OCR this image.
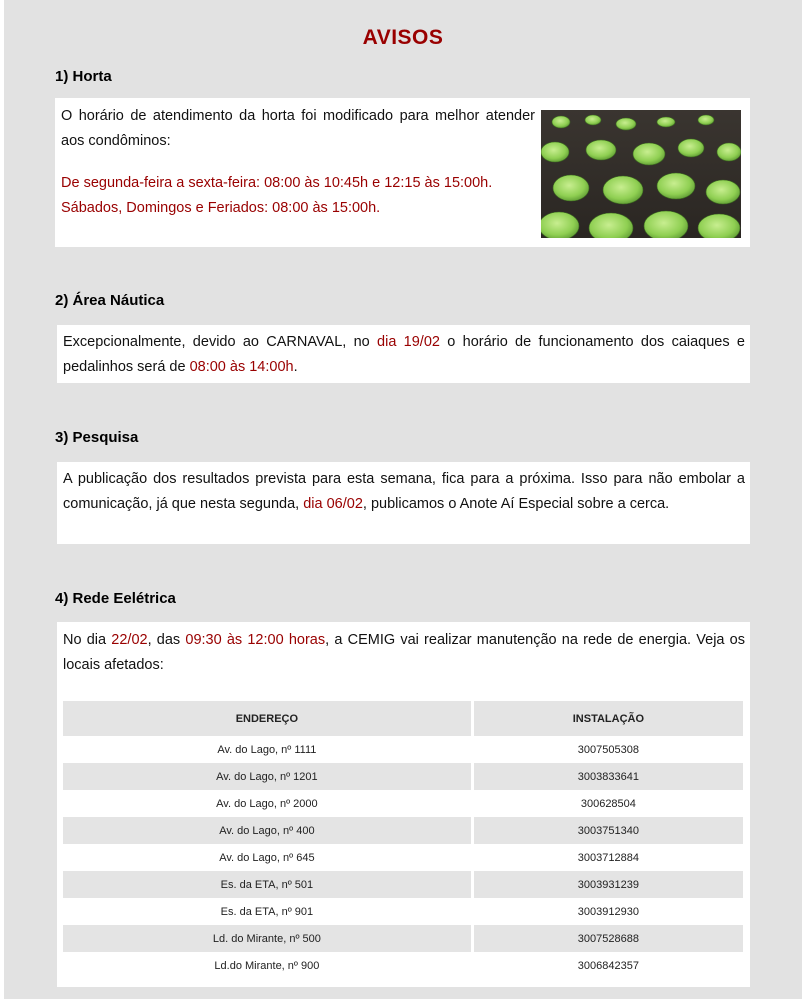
AVISOS
1) Horta

O horário de atendimento da horta foi modificado para melhor atender aos condôminos:

De segunda-feira a sexta-feira: 08:00 às 10:45h e 12:15 às 15:00h.

Sábados, Domingos e Feriados: 08:00 às 15:00h.

2) Área Náutica

Excepcionalmente, devido ao CARNAVAL, no dia 19/02 o horário de funcionamento dos caiaques e pedalinhos será de 08:00 às 14:00h.

3) Pesquisa

A publicação dos resultados prevista para esta semana, fica para a próxima. Isso para não embolar a comunicação, já que nesta segunda, dia 06/02, publicamos o Anote Aí Especial sobre a cerca.

4) Rede Eelétrica

No dia 22/02, das 09:30 às 12:00 horas, a CEMIG vai realizar manutenção na rede de energia. Veja os locais afetados:

ENDEREÇO	INSTALAÇÃO
Av. do Lago, nº 1111	3007505308
Av. do Lago, nº 1201	3003833641
Av. do Lago, nº 2000	300628504
Av. do Lago, nº 400	3003751340
Av. do Lago, nº 645	3003712884
Es. da ETA, nº 501	3003931239
Es. da ETA, nº 901	3003912930
Ld. do Mirante, nº 500	3007528688
Ld.do Mirante, nº 900	3006842357
